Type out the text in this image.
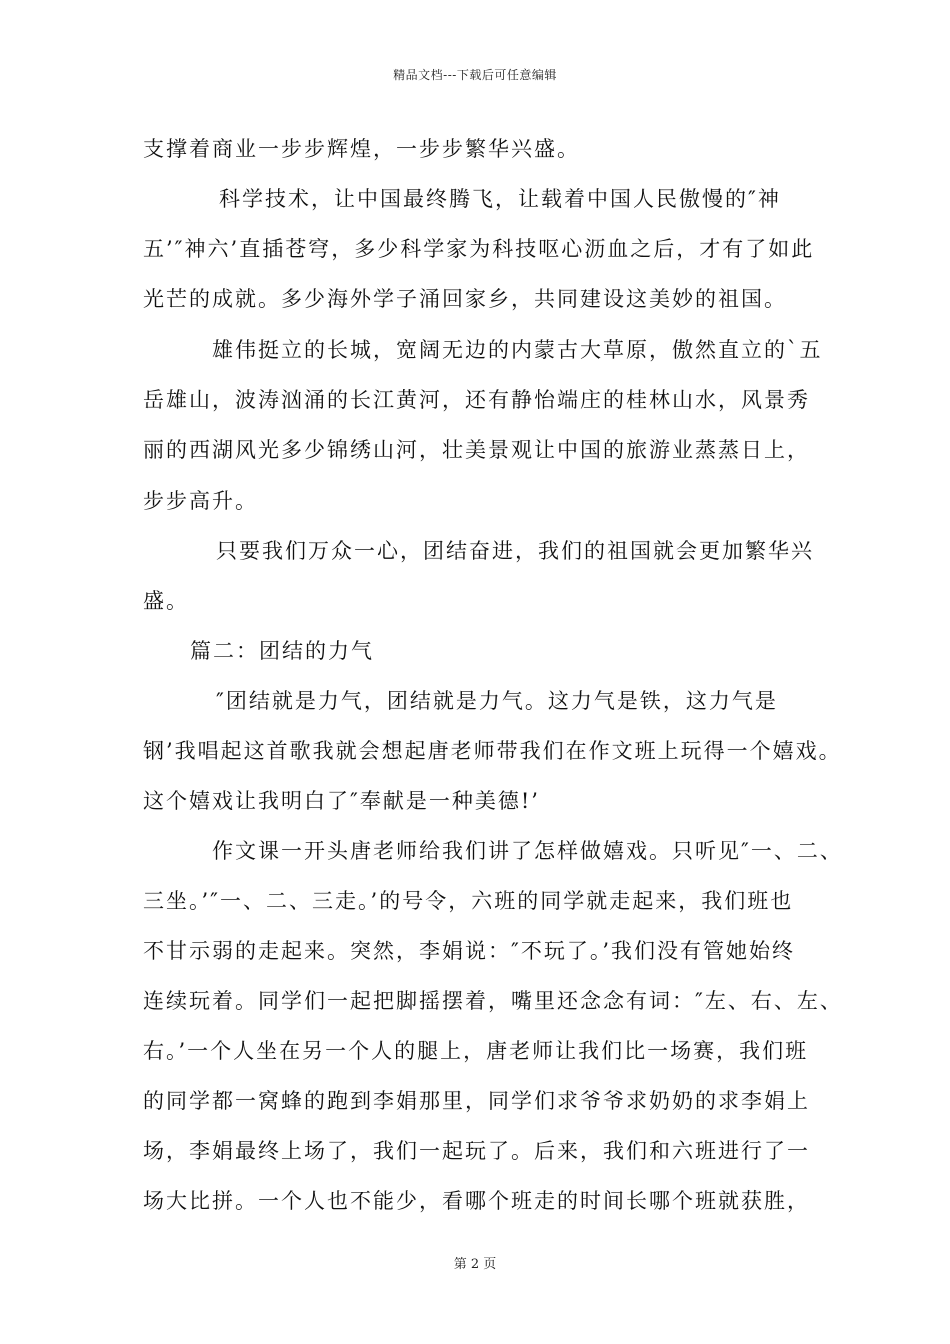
精品文档---下载后可任意编辑
支撑着商业一步步辉煌，一步步繁华兴盛。
科学技术，让中国最终腾飞，让载着中国人民傲慢的″神
五’″神六’直插苍穹，多少科学家为科技呕心沥血之后，才有了如此
光芒的成就。多少海外学子涌回家乡，共同建设这美妙的祖国。
雄伟挺立的长城，宽阔无边的内蒙古大草原，傲然直立的`五
岳雄山，波涛汹涌的长江黄河，还有静怡端庄的桂林山水，风景秀
丽的西湖风光多少锦绣山河，壮美景观让中国的旅游业蒸蒸日上，
步步高升。
只要我们万众一心，团结奋进，我们的祖国就会更加繁华兴
盛。
篇二：团结的力气
″团结就是力气，团结就是力气。这力气是铁，这力气是
钢’我唱起这首歌我就会想起唐老师带我们在作文班上玩得一个嬉戏。
这个嬉戏让我明白了″奉献是一种美德!’
作文课一开头唐老师给我们讲了怎样做嬉戏。只听见″一、二、
三坐。’″一、二、三走。’的号令，六班的同学就走起来，我们班也
不甘示弱的走起来。突然，李娟说：″不玩了。’我们没有管她始终
连续玩着。同学们一起把脚摇摆着，嘴里还念念有词：″左、右、左、
右。’一个人坐在另一个人的腿上，唐老师让我们比一场赛，我们班
的同学都一窝蜂的跑到李娟那里，同学们求爷爷求奶奶的求李娟上
场，李娟最终上场了，我们一起玩了。后来，我们和六班进行了一
场大比拼。一个人也不能少，看哪个班走的时间长哪个班就获胜，
第 2 页
